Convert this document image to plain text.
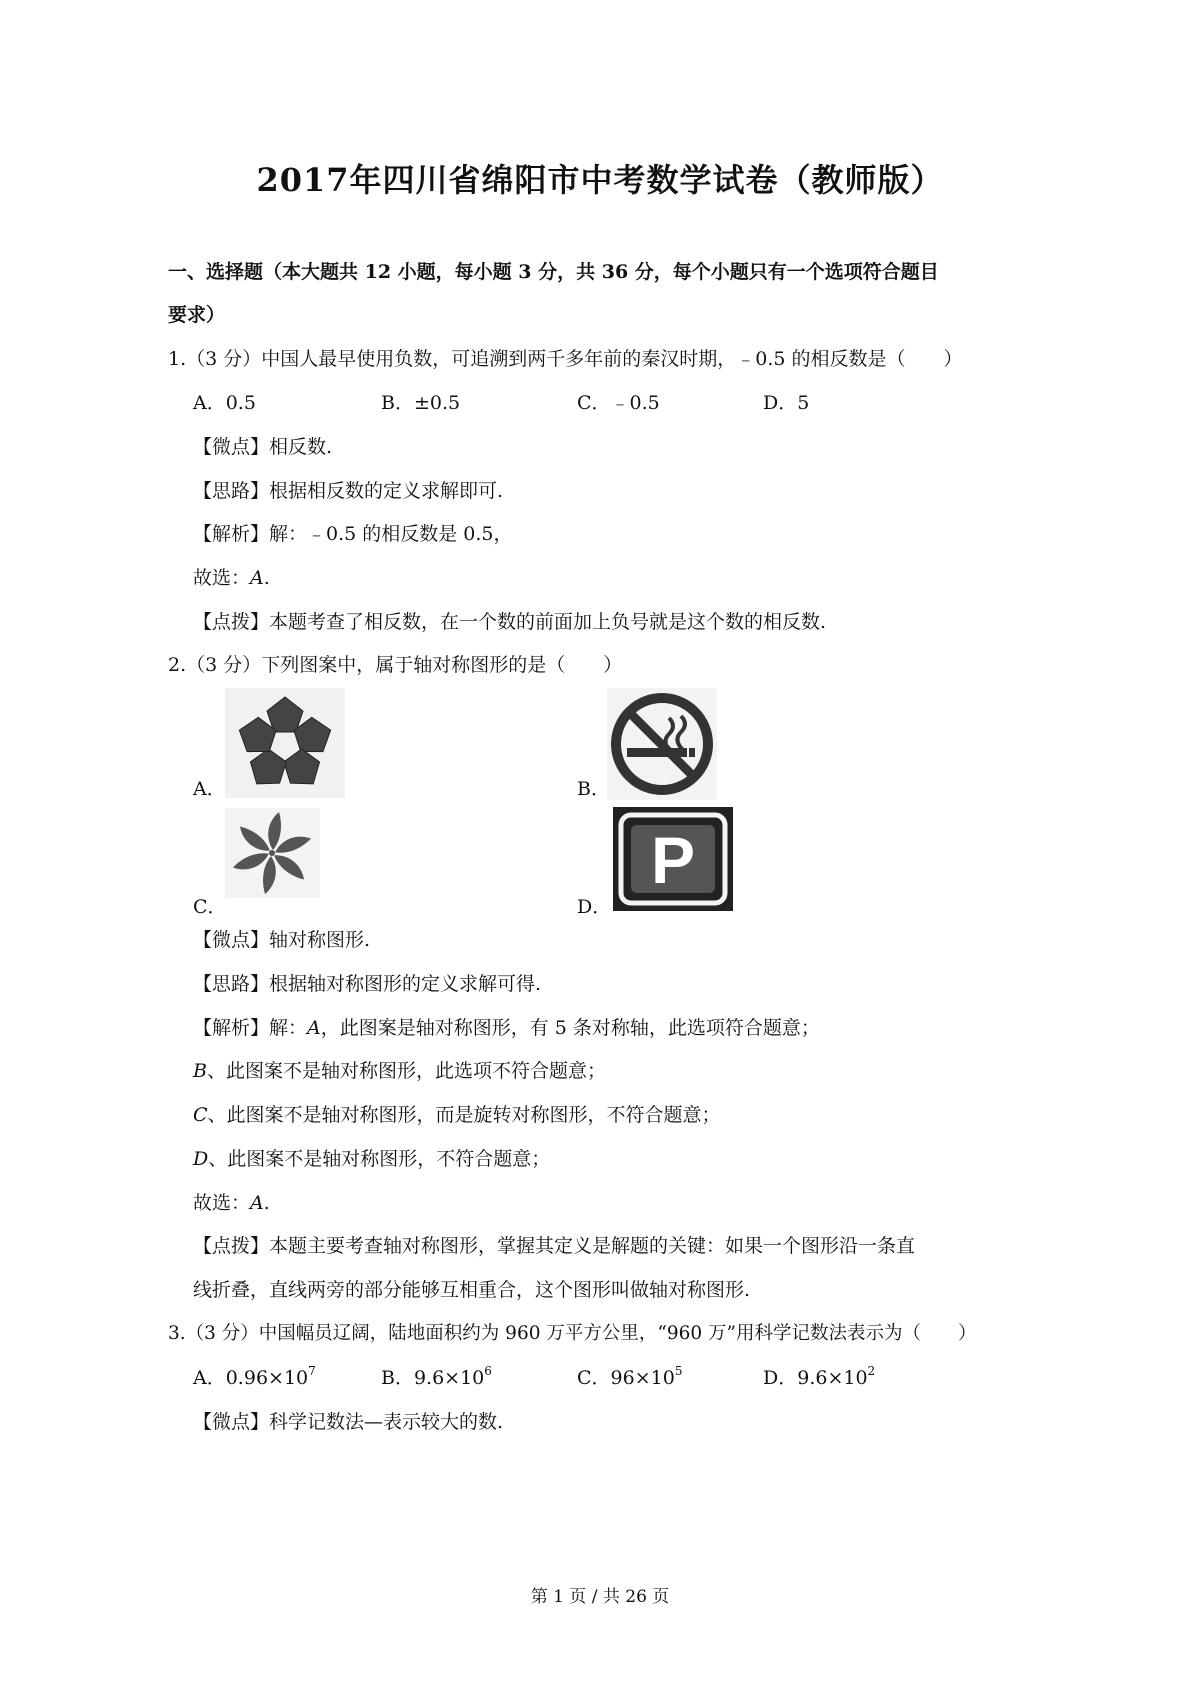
2017年四川省绵阳市中考数学试卷（教师版）
一、选择题（本大题共 12 小题，每小题 3 分，共 36 分，每个小题只有一个选项符合题目
要求）
1.（3 分）中国人最早使用负数，可追溯到两千多年前的秦汉时期，﹣0.5 的相反数是（　　）
A．0.5	B．±0.5	C．﹣0.5	D．5
【微点】相反数.
【思路】根据相反数的定义求解即可.
【解析】解：﹣0.5 的相反数是 0.5，
故选：A.
【点拨】本题考查了相反数，在一个数的前面加上负号就是这个数的相反数.
2.（3 分）下列图案中，属于轴对称图形的是（　　）
A．	B．
C．
P
D．
【微点】轴对称图形.
【思路】根据轴对称图形的定义求解可得.
【解析】解：A，此图案是轴对称图形，有 5 条对称轴，此选项符合题意；
B、此图案不是轴对称图形，此选项不符合题意；
C、此图案不是轴对称图形，而是旋转对称图形，不符合题意；
D、此图案不是轴对称图形，不符合题意；
故选：A.
【点拨】本题主要考查轴对称图形，掌握其定义是解题的关键：如果一个图形沿一条直
线折叠，直线两旁的部分能够互相重合，这个图形叫做轴对称图形.
3.（3 分）中国幅员辽阔，陆地面积约为 960 万平方公里，“960 万”用科学记数法表示为（　　）
A．$0.96\times 10^7$	B．$9.6\times 10^6$	C．$96\times 10^5$	D．$9.6\times 10^2$
【微点】科学记数法—表示较大的数.
第 1 页 / 共 26 页
